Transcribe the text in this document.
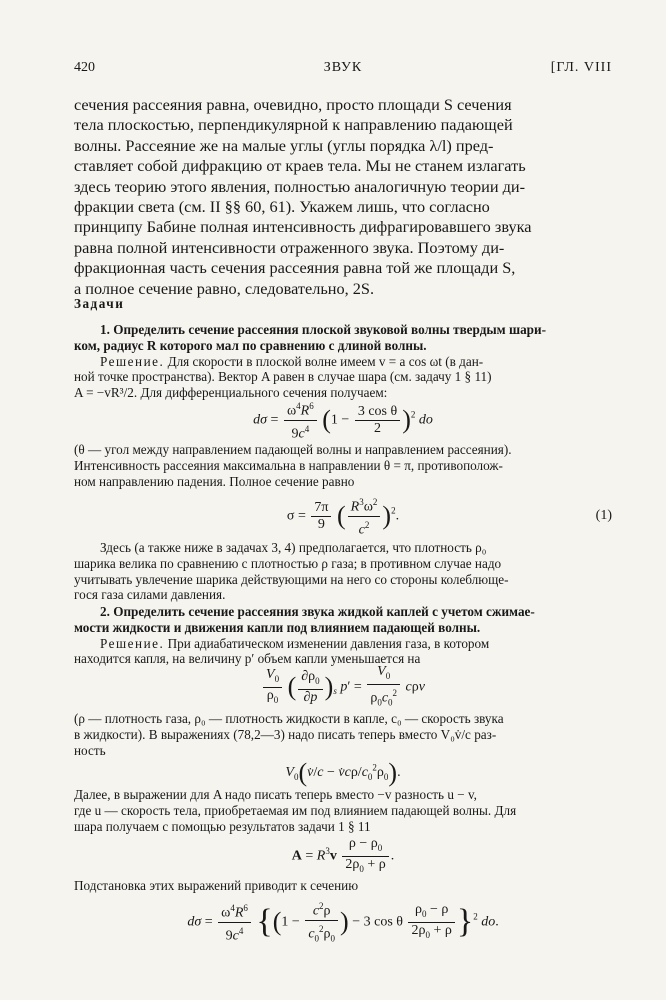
420	ЗВУК	[ГЛ. VIII

сечения рассеяния равна, очевидно, просто площади S сечения

тела плоскостью, перпендикулярной к направлению падающей

волны. Рассеяние же на малые углы (углы порядка λ/l) пред-

ставляет собой дифракцию от краев тела. Мы не станем излагать

здесь теорию этого явления, полностью аналогичную теории ди-

фракции света (см. II §§ 60, 61). Укажем лишь, что согласно

принципу Бабине полная интенсивность дифрагировавшего звука

равна полной интенсивности отраженного звука. Поэтому ди-

фракционная часть сечения рассеяния равна той же площади S,

а полное сечение равно, следовательно, 2S.

Задачи

1. Определить сечение рассеяния плоской звуковой волны твердым шари-

ком, радиус R которого мал по сравнению с длиной волны.

Решение. Для скорости в плоской волне имеем v = a cos ωt (в дан-

ной точке пространства). Вектор A равен в случае шара (см. задачу 1 § 11)

A = −vR³/2. Для дифференциального сечения получаем:

$d\sigma = \frac{\omega^4R^6}{9c^4} (1 - \frac{\text{3 cos θ}}{2} )^2$ do

(θ — угол между направлением падающей волны и направлением рассеяния).

Интенсивность рассеяния максимальна в направлении θ = π, противополож-

ном направлению падения. Полное сечение равно

$\sigma = \frac{7\pi}{9}$ ( $\frac{R^3\omega^2}{c^2} )^2$.	(1)

Здесь (а также ниже в задачах 3, 4) предполагается, что плотность ρ₀

шарика велика по сравнению с плотностью ρ газа; в противном случае надо

учитывать увлечение шарика действующими на него со стороны колеблюще-

гося газа силами давления.

2. Определить сечение рассеяния звука жидкой каплей с учетом сжимае-

мости жидкости и движения капли под влиянием падающей волны.

Решение. При адиабатическом изменении давления газа, в котором

находится капля, на величину p′ объем капли уменьшается на

$\frac{V_0}{\rho_0}$ ( $\frac{\partial\rho_0}{\partial p} )_s$ $p' = \frac{V_0}{\rho_0c_0^2}$ cρv

(ρ — плотность газа, ρ₀ — плотность жидкости в капле, c₀ — скорость звука

в жидкости). В выражениях (78,2—3) надо писать теперь вместо V₀v̇/c раз-

ность

$V_0(v̇/c$ − $v̇c\rho/c_0^2\rho_0$).

Далее, в выражении для A надо писать теперь вместо −v разность u − v,

где u — скорость тела, приобретаемая им под влиянием падающей волны. Для

шара получаем с помощью результатов задачи 1 § 11

$A = R^3v \frac{\rho - \rho_0}{2\rho_0 + \rho}$ .

Подстановка этих выражений приводит к сечению

$d\sigma = \frac{\omega^4R^6}{9c^4} \{(1 - \frac{c^2\rho}{c_0^2\rho_0}$ ) − 3 cos θ $\frac{\rho_0 - \rho}{2\rho_0 + \rho} \}^2$ do.
